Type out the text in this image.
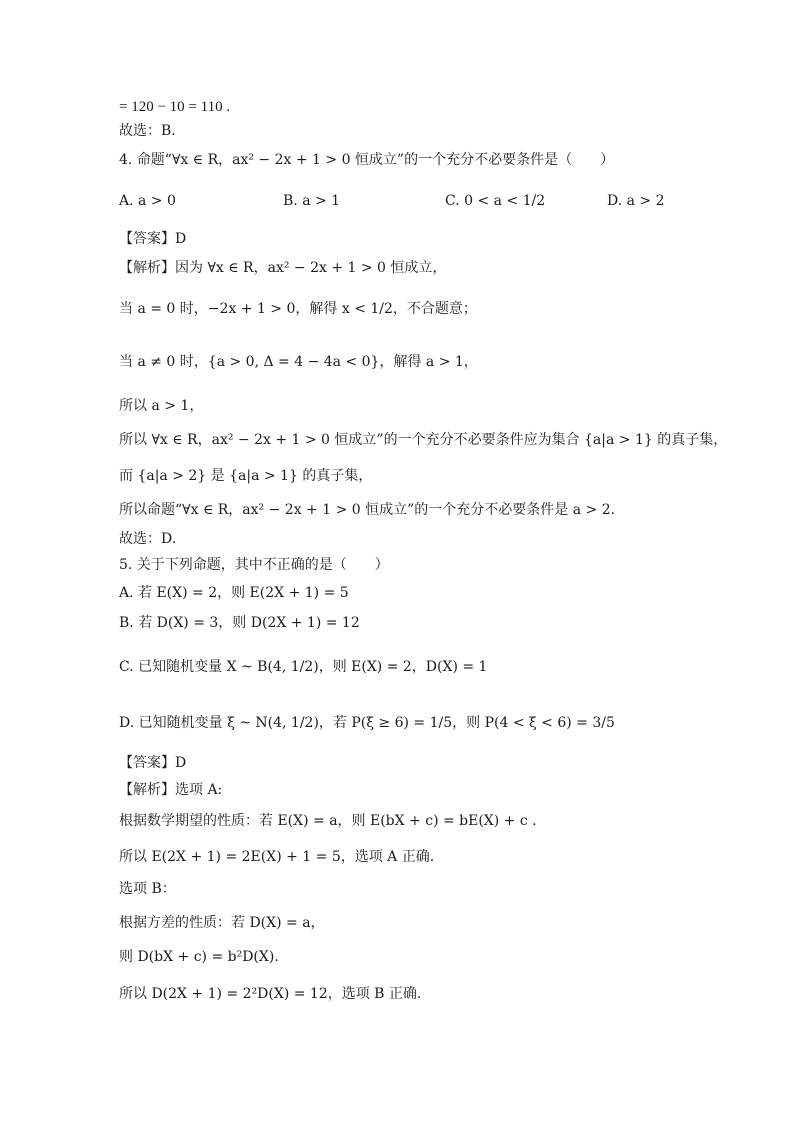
= 120 − 10 = 110 .
故选：B.
4. 命题“∀x ∈ R，ax² − 2x + 1 > 0 恒成立”的一个充分不必要条件是（　　）
A. a > 0	B. a > 1	C. 0 < a < 1/2	D. a > 2
【答案】D
【解析】因为 ∀x ∈ R，ax² − 2x + 1 > 0 恒成立，
当 a = 0 时，−2x + 1 > 0，解得 x < 1/2，不合题意；
当 a ≠ 0 时，{a > 0, Δ = 4 − 4a < 0}，解得 a > 1，
所以 a > 1，
所以 ∀x ∈ R，ax² − 2x + 1 > 0 恒成立”的一个充分不必要条件应为集合 {a|a > 1} 的真子集，
而 {a|a > 2} 是 {a|a > 1} 的真子集，
所以命题“∀x ∈ R，ax² − 2x + 1 > 0 恒成立”的一个充分不必要条件是 a > 2.
故选：D.
5. 关于下列命题，其中不正确的是（　　）
A. 若 E(X) = 2，则 E(2X + 1) = 5
B. 若 D(X) = 3，则 D(2X + 1) = 12
C. 已知随机变量 X ~ B(4, 1/2)，则 E(X) = 2，D(X) = 1
D. 已知随机变量 ξ ~ N(4, 1/2)，若 P(ξ ≥ 6) = 1/5，则 P(4 < ξ < 6) = 3/5
【答案】D
【解析】选项 A:
根据数学期望的性质：若 E(X) = a，则 E(bX + c) = bE(X) + c .
所以 E(2X + 1) = 2E(X) + 1 = 5，选项 A 正确.
选项 B：
根据方差的性质：若 D(X) = a，
则 D(bX + c) = b²D(X).
所以 D(2X + 1) = 2²D(X) = 12，选项 B 正确.
